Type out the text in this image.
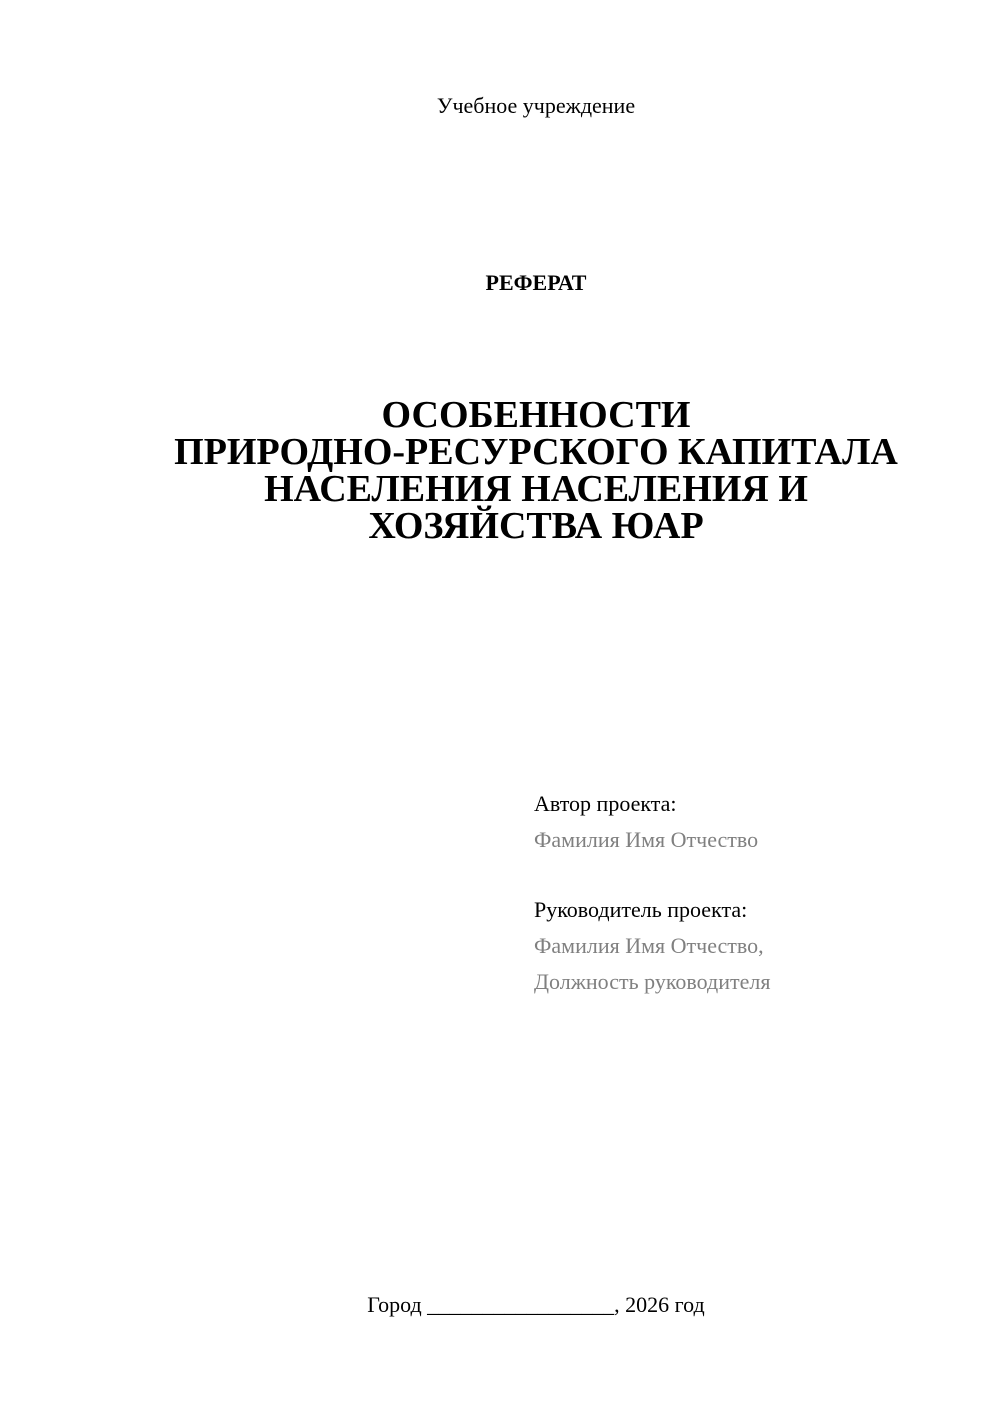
Учебное учреждение
РЕФЕРАТ
ОСОБЕННОСТИ
ПРИРОДНО-РЕСУРСКОГО КАПИТАЛА
НАСЕЛЕНИЯ НАСЕЛЕНИЯ И
ХОЗЯЙСТВА ЮАР
Автор проекта:
Фамилия Имя Отчество
Руководитель проекта:
Фамилия Имя Отчество,
Должность руководителя
Город _________________, 2026 год
